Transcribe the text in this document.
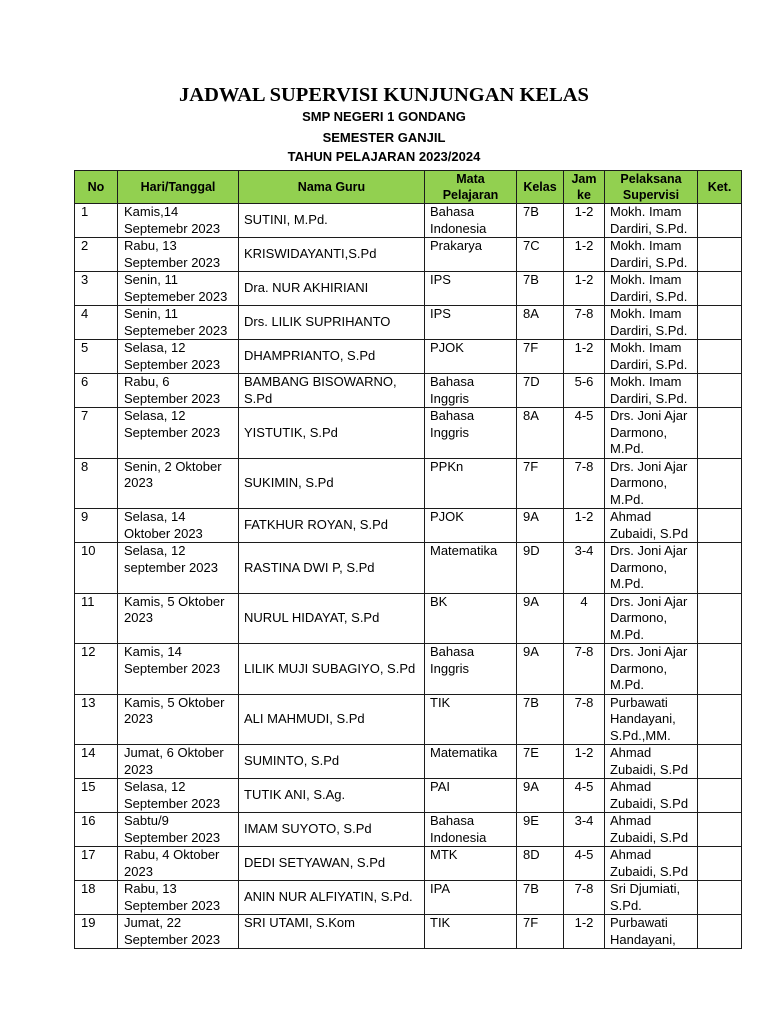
JADWAL SUPERVISI KUNJUNGAN KELAS

SMP NEGERI 1 GONDANG

SEMESTER GANJIL

TAHUN PELAJARAN 2023/2024

No	Hari/Tanggal	Nama Guru	Mata Pelajaran	Kelas	Jam ke	Pelaksana Supervisi	Ket.
1	Kamis,14 Septemebr 2023	SUTINI, M.Pd.	Bahasa Indonesia	7B	1-2	Mokh. Imam Dardiri, S.Pd.	
2	Rabu, 13 September 2023	KRISWIDAYANTI,S.Pd	Prakarya	7C	1-2	Mokh. Imam Dardiri, S.Pd.	
3	Senin, 11 Septemeber 2023	Dra. NUR AKHIRIANI	IPS	7B	1-2	Mokh. Imam Dardiri, S.Pd.	
4	Senin, 11 Septemeber 2023	Drs. LILIK SUPRIHANTO	IPS	8A	7-8	Mokh. Imam Dardiri, S.Pd.	
5	Selasa, 12 September 2023	DHAMPRIANTO, S.Pd	PJOK	7F	1-2	Mokh. Imam Dardiri, S.Pd.	
6	Rabu, 6 September 2023	BAMBANG BISOWARNO, S.Pd	Bahasa Inggris	7D	5-6	Mokh. Imam Dardiri, S.Pd.	
7	Selasa, 12 September 2023	YISTUTIK, S.Pd	Bahasa Inggris	8A	4-5	Drs. Joni Ajar Darmono, M.Pd.	
8	Senin, 2 Oktober 2023	SUKIMIN, S.Pd	PPKn	7F	7-8	Drs. Joni Ajar Darmono, M.Pd.	
9	Selasa, 14 Oktober 2023	FATKHUR ROYAN, S.Pd	PJOK	9A	1-2	Ahmad Zubaidi, S.Pd	
10	Selasa, 12 september 2023	RASTINA DWI P, S.Pd	Matematika	9D	3-4	Drs. Joni Ajar Darmono, M.Pd.	
11	Kamis, 5 Oktober 2023	NURUL HIDAYAT, S.Pd	BK	9A	4	Drs. Joni Ajar Darmono, M.Pd.	
12	Kamis, 14 September 2023	LILIK MUJI SUBAGIYO, S.Pd	Bahasa Inggris	9A	7-8	Drs. Joni Ajar Darmono, M.Pd.	
13	Kamis, 5 Oktober 2023	ALI MAHMUDI, S.Pd	TIK	7B	7-8	Purbawati Handayani, S.Pd.,MM.	
14	Jumat, 6 Oktober 2023	SUMINTO, S.Pd	Matematika	7E	1-2	Ahmad Zubaidi, S.Pd	
15	Selasa, 12 September 2023	TUTIK ANI, S.Ag.	PAI	9A	4-5	Ahmad Zubaidi, S.Pd	
16	Sabtu/9 September 2023	IMAM SUYOTO, S.Pd	Bahasa Indonesia	9E	3-4	Ahmad Zubaidi, S.Pd	
17	Rabu, 4 Oktober 2023	DEDI SETYAWAN, S.Pd	MTK	8D	4-5	Ahmad Zubaidi, S.Pd	
18	Rabu, 13 September 2023	ANIN NUR ALFIYATIN, S.Pd.	IPA	7B	7-8	Sri Djumiati, S.Pd.	
19	Jumat, 22 September 2023	SRI UTAMI, S.Kom	TIK	7F	1-2	Purbawati Handayani,	
